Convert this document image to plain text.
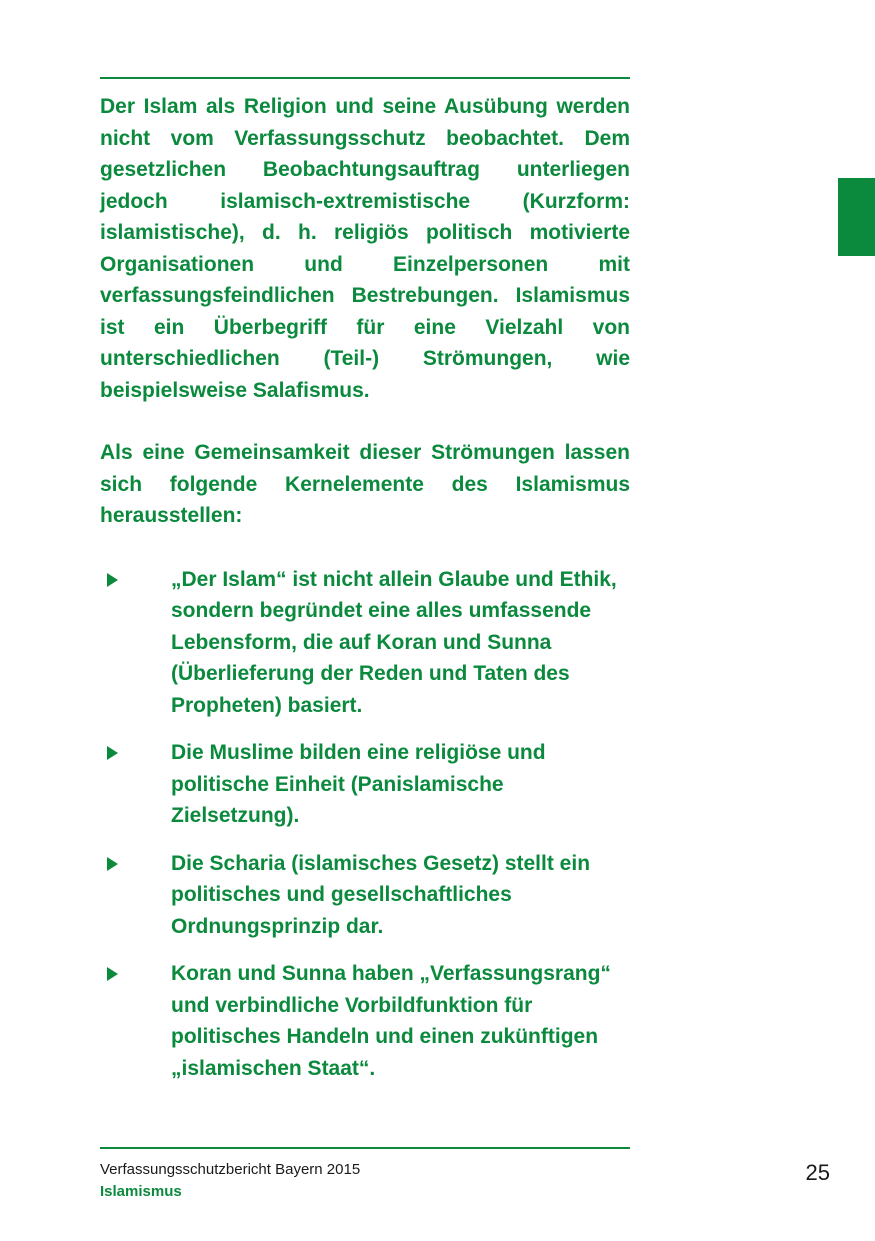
Der Islam als Religion und seine Ausübung werden nicht vom Verfassungsschutz beobachtet. Dem gesetzlichen Beobachtungsauftrag unterliegen jedoch islamisch-extremistische (Kurzform: islamistische), d. h. religiös politisch motivierte Organisationen und Einzelpersonen mit verfassungsfeindlichen Bestrebungen. Islamismus ist ein Überbegriff für eine Vielzahl von unterschiedlichen (Teil-) Strömungen, wie beispielsweise Salafismus.

Als eine Gemeinsamkeit dieser Strömungen lassen sich folgende Kernelemente des Islamismus herausstellen:

„Der Islam“ ist nicht allein Glaube und Ethik, sondern begründet eine alles umfassende Lebensform, die auf Koran und Sunna (Überlieferung der Reden und Taten des Propheten) basiert.
Die Muslime bilden eine religiöse und politische Einheit (Panislamische Zielsetzung).
Die Scharia (islamisches Gesetz) stellt ein politisches und gesellschaftliches Ordnungsprinzip dar.
Koran und Sunna haben „Verfassungsrang“ und verbindliche Vorbildfunktion für politisches Handeln und einen zukünftigen „islamischen Staat“.
Verfassungsschutzbericht Bayern 2015
Islamismus
25
